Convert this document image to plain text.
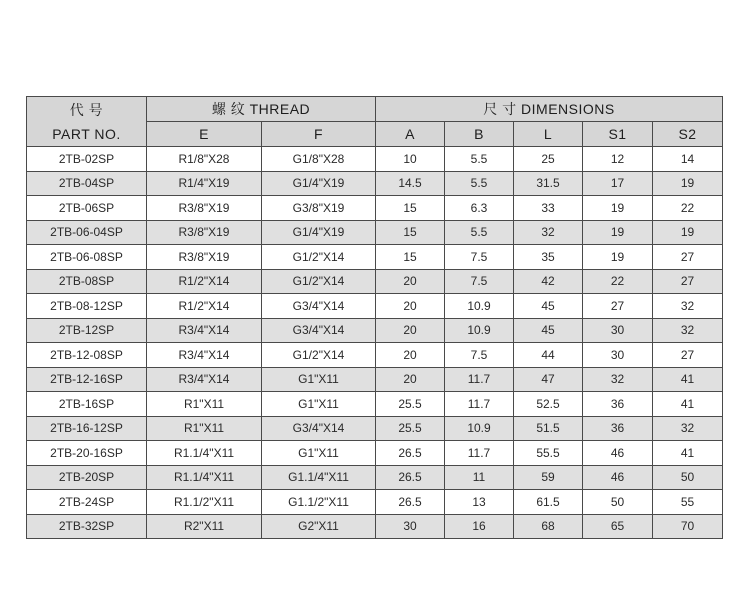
代 号
PART NO.	螺 纹 THREAD		尺 寸 DIMENSIONS				
	E	F	A	B	L	S1	S2
2TB-02SP	R1/8"X28	G1/8"X28	10	5.5	25	12	14
2TB-04SP	R1/4"X19	G1/4"X19	14.5	5.5	31.5	17	19
2TB-06SP	R3/8"X19	G3/8"X19	15	6.3	33	19	22
2TB-06-04SP	R3/8"X19	G1/4"X19	15	5.5	32	19	19
2TB-06-08SP	R3/8"X19	G1/2"X14	15	7.5	35	19	27
2TB-08SP	R1/2"X14	G1/2"X14	20	7.5	42	22	27
2TB-08-12SP	R1/2"X14	G3/4"X14	20	10.9	45	27	32
2TB-12SP	R3/4"X14	G3/4"X14	20	10.9	45	30	32
2TB-12-08SP	R3/4"X14	G1/2"X14	20	7.5	44	30	27
2TB-12-16SP	R3/4"X14	G1"X11	20	11.7	47	32	41
2TB-16SP	R1"X11	G1"X11	25.5	11.7	52.5	36	41
2TB-16-12SP	R1"X11	G3/4"X14	25.5	10.9	51.5	36	32
2TB-20-16SP	R1.1/4"X11	G1"X11	26.5	11.7	55.5	46	41
2TB-20SP	R1.1/4"X11	G1.1/4"X11	26.5	11	59	46	50
2TB-24SP	R1.1/2"X11	G1.1/2"X11	26.5	13	61.5	50	55
2TB-32SP	R2"X11	G2"X11	30	16	68	65	70
